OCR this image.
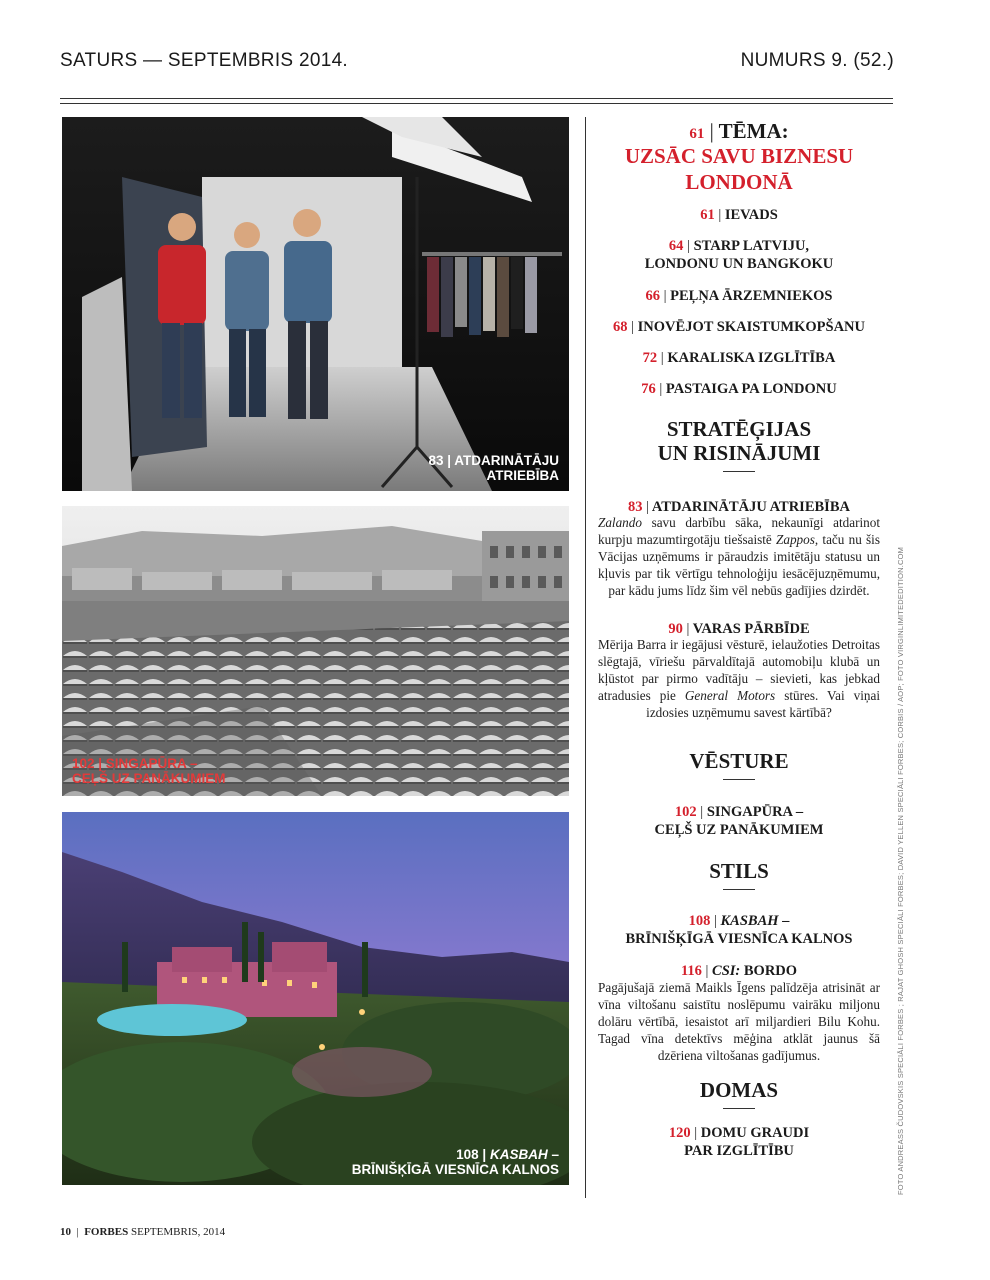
SATURS — SEPTEMBRIS 2014.	NUMURS 9. (52.)
83 | ATDARINĀTĀJU
ATRIEBĪBA
102 | SINGAPŪRA –
CEĻŠ UZ PANĀKUMIEM
108 | KASBAH –
BRĪNIŠĶĪGĀ VIESNĪCA KALNOS
61 | TĒMA:
UZSĀC SAVU BIZNESU
LONDONĀ
61 | IEVADS
64 | STARP LATVIJU,
LONDONU UN BANGKOKU
66 | PEĻŅA ĀRZEMNIEKOS
68 | INOVĒJOT SKAISTUMKOPŠANU
72 | KARALISKA IZGLĪTĪBA
76 | PASTAIGA PA LONDONU
STRATĒĢIJAS
UN RISINĀJUMI
83 | ATDARINĀTĀJU ATRIEBĪBA
Zalando savu darbību sāka, nekaunīgi atdarinot kurpju mazumtirgotāju tiešsaistē Zappos, taču nu šis Vācijas uzņēmums ir pāraudzis imitētāju statusu un kļuvis par tik vērtīgu tehnoloģiju iesācējuzņēmumu, par kādu jums līdz šim vēl nebūs gadījies dzirdēt.
90 | VARAS PĀRBĪDE
Mērija Barra ir iegājusi vēsturē, ielaužoties Detroitas slēgtajā, vīriešu pārvaldītajā automobiļu klubā un kļūstot par pirmo vadītāju – sievieti, kas jebkad atradusies pie General Motors stūres. Vai viņai izdosies uzņēmumu savest kārtībā?
VĒSTURE
102 | SINGAPŪRA –
CEĻŠ UZ PANĀKUMIEM
STILS
108 | KASBAH –
BRĪNIŠĶĪGĀ VIESNĪCA KALNOS
116 | CSI: BORDO
Pagājušajā ziemā Maikls Īgens palīdzēja atrisināt ar vīna viltošanu saistītu noslēpumu vairāku miljonu dolāru vērtībā, iesaistot arī miljardieri Bilu Kohu. Tagad vīna detektīvs mēģina atklāt jaunus šā dzēriena viltošanas gadījumus.
DOMAS
120 | DOMU GRAUDI
PAR IZGLĪTĪBU	FOTO ANDREASS ČUDOVSKIS SPECIĀLI FORBES ; RAJAT GHOSH SPECIĀLI FORBES; DAVID YELLEN SPECIĀLI FORBES; CORBIS / AOP; FOTO VIRGINLIMITEDEDITION.COM
10 | FORBES SEPTEMBRIS, 2014
